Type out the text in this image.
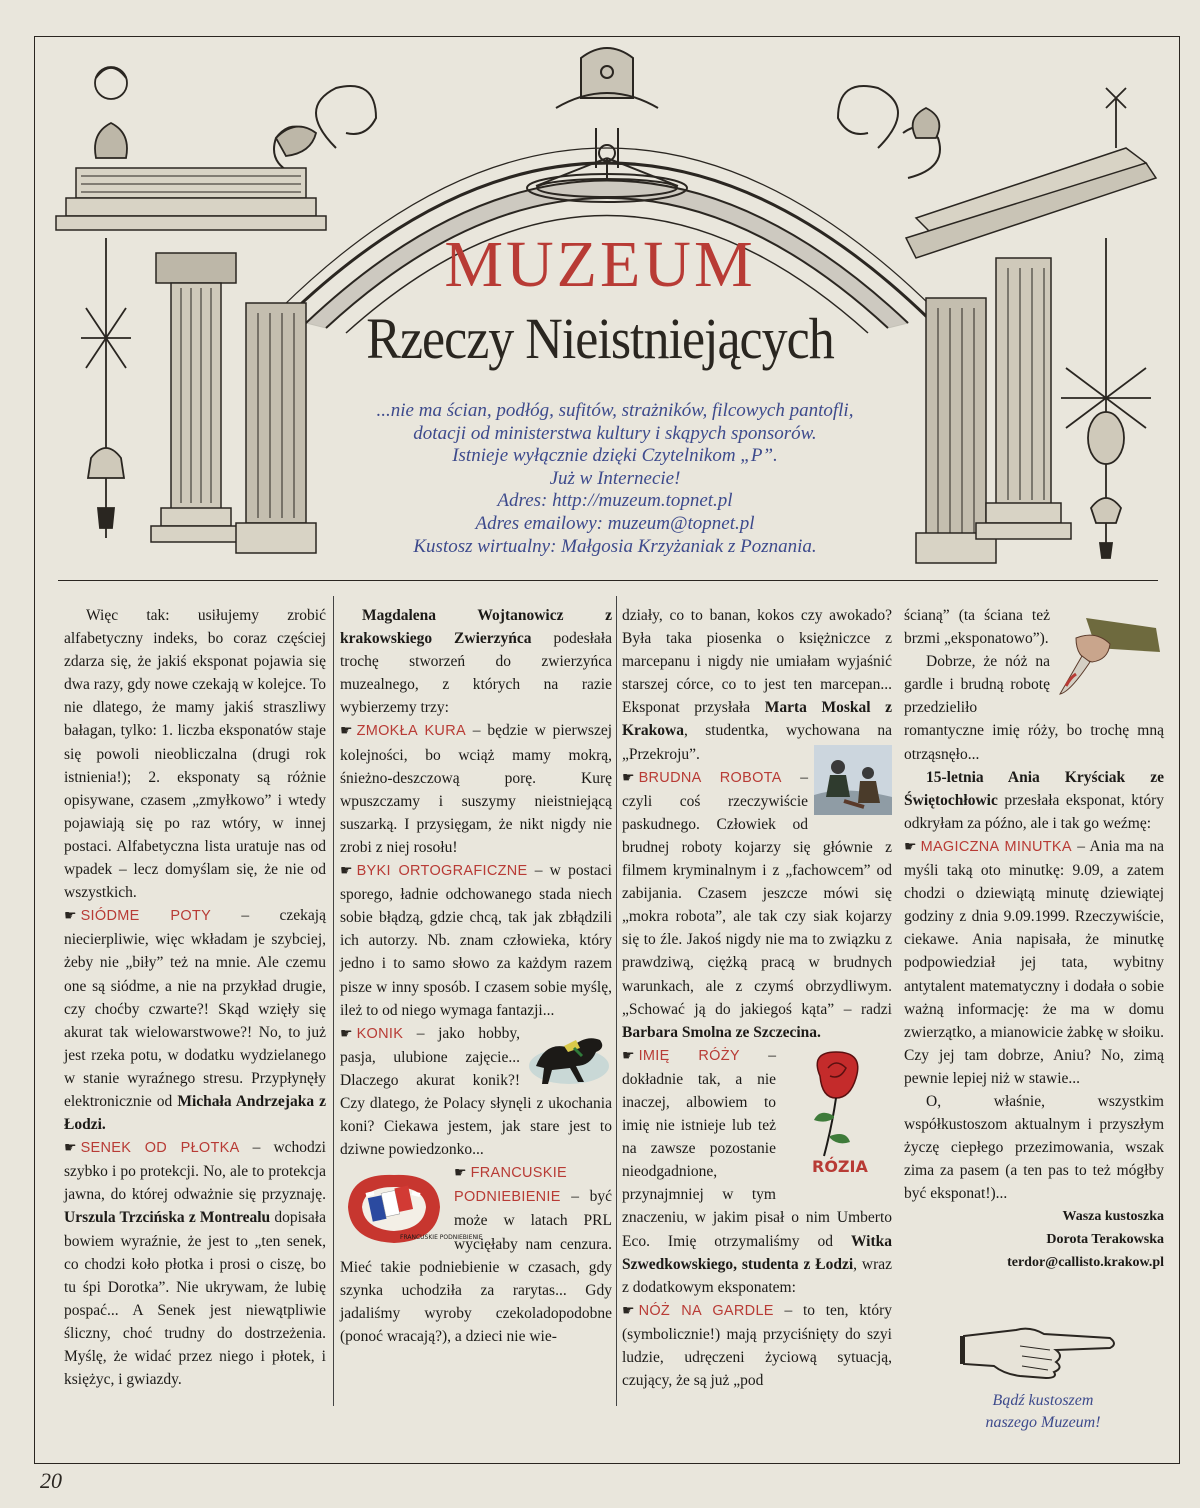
MUZEUM
Rzeczy Nieistniejących
...nie ma ścian, podłóg, sufitów, strażników, filcowych pantofli,
dotacji od ministerstwa kultury i skąpych sponsorów.
Istnieje wyłącznie dzięki Czytelnikom „P”.
Już w Internecie!
Adres: http://muzeum.topnet.pl
Adres emailowy: muzeum@topnet.pl
Kustosz wirtualny: Małgosia Krzyżaniak z Poznania.

Więc tak: usiłujemy zrobić alfabetyczny indeks, bo coraz częściej zdarza się, że jakiś eksponat pojawia się dwa razy, gdy nowe czekają w kolejce. To nie dlatego, że mamy jakiś straszliwy bałagan, tylko: 1. liczba eksponatów staje się powoli nieobliczalna (drugi rok istnienia!); 2. eksponaty są różnie opisywane, czasem „zmyłkowo” i wtedy pojawiają się po raz wtóry, w innej postaci. Alfabetyczna lista uratuje nas od wpadek – lecz domyślam się, że nie od wszystkich.

☛ SIÓDME POTY – czekają niecierpliwie, więc wkładam je szybciej, żeby nie „biły” też na mnie. Ale czemu one są siódme, a nie na przykład drugie, czy choćby czwarte?! Skąd wzięły się akurat tak wielowarstwowe?! No, to już jest rzeka potu, w dodatku wydzielanego w stanie wyraźnego stresu. Przypłynęły elektronicznie od Michała Andrzejaka z Łodzi.

☛ SENEK OD PŁOTKA – wchodzi szybko i po protekcji. No, ale to protekcja jawna, do której odważnie się przyznaję. Urszula Trzcińska z Montrealu dopisała bowiem wyraźnie, że jest to „ten senek, co chodzi koło płotka i prosi o ciszę, bo tu śpi Dorotka”. Nie ukrywam, że lubię pospać... A Senek jest niewątpliwie śliczny, choć trudny do dostrzeżenia. Myślę, że widać przez niego i płotek, i księżyc, i gwiazdy.

Magdalena Wojtanowicz z krakowskiego Zwierzyńca podesłała trochę stworzeń do zwierzyńca muzealnego, z których na razie wybierzemy trzy:

☛ ZMOKŁA KURA – będzie w pierwszej kolejności, bo wciąż mamy mokrą, śnieżno-deszczową porę. Kurę wpuszczamy i suszymy nieistniejącą suszarką. I przysięgam, że nikt nigdy nie zrobi z niej rosołu!

☛ BYKI ORTOGRAFICZNE – w postaci sporego, ładnie odchowanego stada niech sobie błądzą, gdzie chcą, tak jak zbłądzili ich autorzy. Nb. znam człowieka, który jedno i to samo słowo za każdym razem pisze w inny sposób. I czasem sobie myślę, ileż to od niego wymaga fantazji...

☛ KONIK – jako hobby, pasja, ulubione zajęcie... Dlaczego akurat konik?! Czy dlatego, że Polacy słynęli z ukochania koni? Ciekawa jestem, jak stare jest to dziwne powiedzonko...

FRANCUSKIE PODNIEBIENIE

☛ FRANCUSKIE PODNIEBIENIE – być może w latach PRL wycięłaby nam cenzura. Mieć takie podniebienie w czasach, gdy szynka uchodziła za rarytas... Gdy jadaliśmy wyroby czekoladopodobne (ponoć wracają?), a dzieci nie wie-

działy, co to banan, kokos czy awokado? Była taka piosenka o księżniczce z marcepanu i nigdy nie umiałam wyjaśnić starszej córce, co to jest ten marcepan... Eksponat przysłała Marta Moskal z Krakowa, studentka, wychowana na „Przekroju”.

☛ BRUDNA ROBOTA – czyli coś rzeczywiście paskudnego. Człowiek od brudnej roboty kojarzy się głównie z filmem kryminalnym i z „fachowcem” od zabijania. Czasem jeszcze mówi się „mokra robota”, ale tak czy siak kojarzy się to źle. Jakoś nigdy nie ma to związku z prawdziwą, ciężką pracą w brudnych warunkach, ale z czymś obrzydliwym. „Schować ją do jakiegoś kąta” – radzi Barbara Smolna ze Szczecina.

RÓZIA

☛ IMIĘ RÓŻY – dokładnie tak, a nie inaczej, albowiem to imię nie istnieje lub też na zawsze pozostanie nieodgadnione, przynajmniej w tym znaczeniu, w jakim pisał o nim Umberto Eco. Imię otrzymaliśmy od Witka Szwedkowskiego, studenta z Łodzi, wraz z dodatkowym eksponatem:

☛ NÓŻ NA GARDLE – to ten, który (symbolicznie!) mają przyciśnięty do szyi ludzie, udręczeni życiową sytuacją, czujący, że są już „pod

ścianą” (ta ściana też brzmi „eksponatowo”).

Dobrze, że nóż na gardle i brudną robotę przedzieliło romantyczne imię róży, bo trochę mną otrząsnęło...

15-letnia Ania Kryściak ze Świętochłowic przesłała eksponat, który odkryłam za późno, ale i tak go weźmę:

☛ MAGICZNA MINUTKA – Ania ma na myśli taką oto minutkę: 9.09, a zatem chodzi o dziewiątą minutę dziewiątej godziny z dnia 9.09.1999. Rzeczywiście, ciekawe. Ania napisała, że minutkę podpowiedział jej tata, wybitny antytalent matematyczny i dodała o sobie ważną informację: że ma w domu zwierzątko, a mianowicie żabkę w słoiku. Czy jej tam dobrze, Aniu? No, zimą pewnie lepiej niż w stawie...

O, właśnie, wszystkim współkustoszom aktualnym i przyszłym życzę ciepłego przezimowania, wszak zima za pasem (a ten pas to też mógłby być eksponat!)...

Wasza kustoszka
Dorota Terakowska
terdor@callisto.krakow.pl
Bądź kustoszem
naszego Muzeum!
20
